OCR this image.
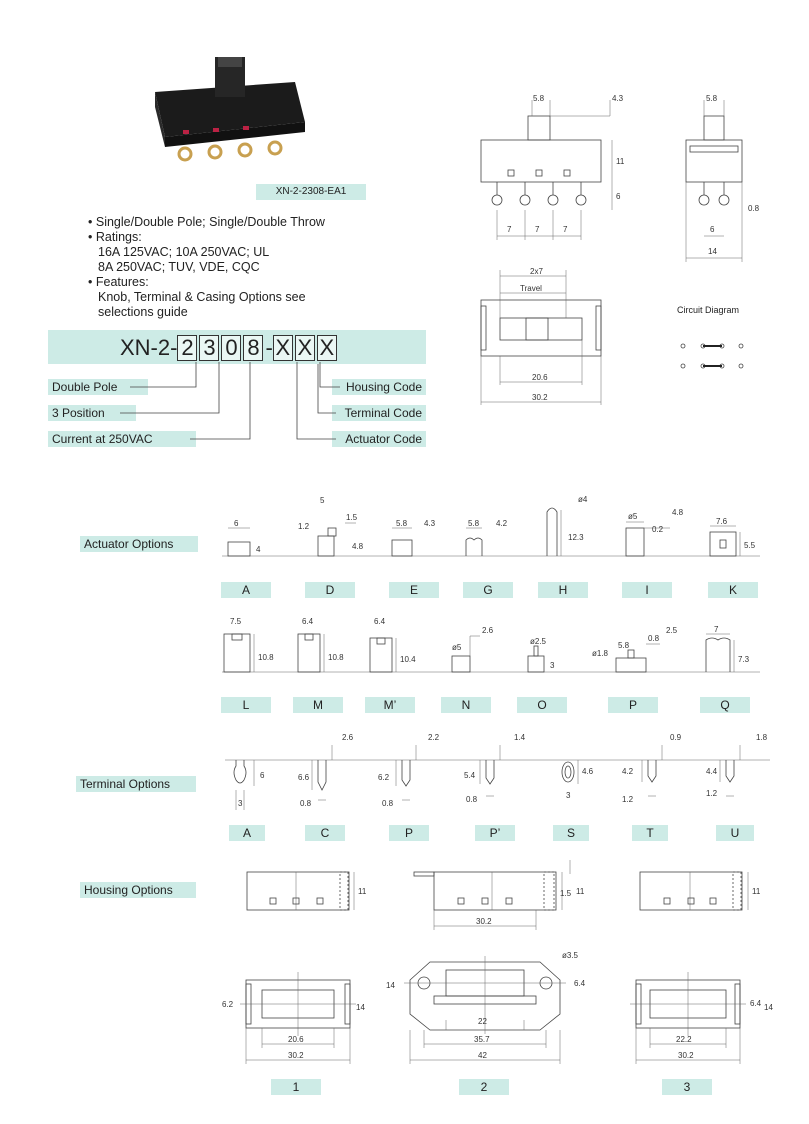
XN-2-2308-EA1
• Single/Double Pole; Single/Double Throw
• Ratings:
16A 125VAC; 10A 250VAC; UL
8A 250VAC; TUV, VDE, CQC
• Features:
Knob, Terminal & Casing Options see
selections guide
XN-2- 2 3 0 8 - X X X
Double Pole
3 Position
Current at 250VAC
Housing Code
Terminal Code
Actuator Code
5.8	4.3
11
6
7	7	7
5.8
0.8
6
14
2x7
Travel
20.6
30.2
Circuit Diagram
Actuator Options
6
4
5
1.2
1.5
4.8
5.8 4.3	5.8 4.2
ø4
12.3
ø5	4.8
0.2
7.6
5.5
A	D	E	G	H	I	K
7.5
10.8
6.4
10.8
6.4
10.4
ø5
2.6
ø2.5
3
ø1.8
5.8
0.8
2.5	7
7.3
L	M	M’	N	O	P	Q
Terminal Options
6
3
2.6
6.6
0.8
2.2
6.2
0.8
1.4
5.4
0.8
4.6
3
0.9
4.2
1.2
1.8
4.4
1.2
A	C	P	P’	S	T	U
Housing Options	11	1.5 11
30.2
11
6.2	14
20.6
30.2
14
ø3.5
6.4
22
35.7
42
6.4 14
22.2
30.2
1	2	3
